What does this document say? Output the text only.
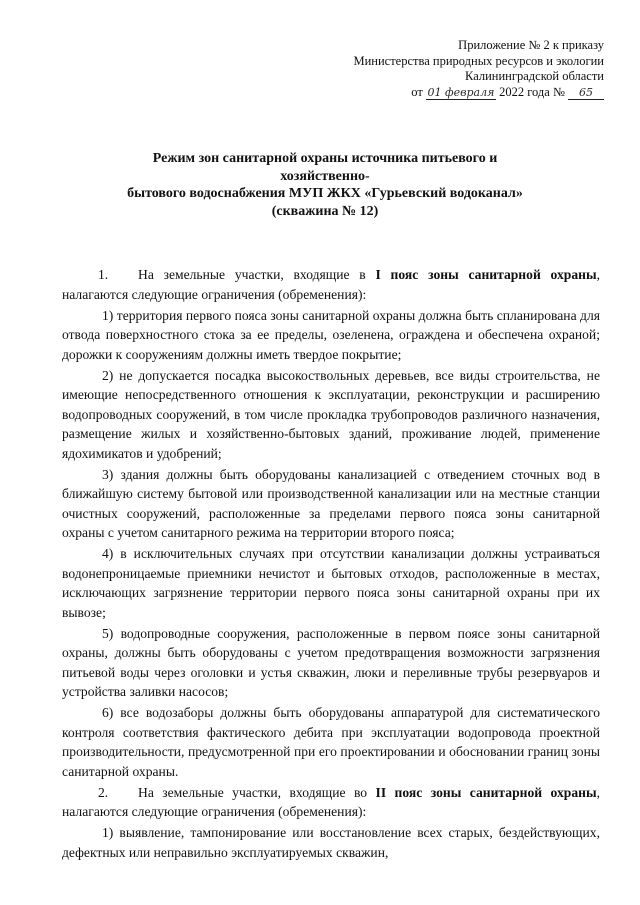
Приложение № 2 к приказу
Министерства природных ресурсов и экологии
Калининградской области
от 01 февраля 2022 года № 65
Режим зон санитарной охраны источника питьевого и хозяйственно-
бытового водоснабжения МУП ЖКХ «Гурьевский водоканал»
(скважина № 12)

1. На земельные участки, входящие в I пояс зоны санитарной охраны, налагаются следующие ограничения (обременения):

1) территория первого пояса зоны санитарной охраны должна быть спланирована для отвода поверхностного стока за ее пределы, озеленена, ограждена и обеспечена охраной; дорожки к сооружениям должны иметь твердое покрытие;

2) не допускается посадка высокоствольных деревьев, все виды строительства, не имеющие непосредственного отношения к эксплуатации, реконструкции и расширению водопроводных сооружений, в том числе прокладка трубопроводов различного назначения, размещение жилых и хозяйственно-бытовых зданий, проживание людей, применение ядохимикатов и удобрений;

3) здания должны быть оборудованы канализацией с отведением сточных вод в ближайшую систему бытовой или производственной канализации или на местные станции очистных сооружений, расположенные за пределами первого пояса зоны санитарной охраны с учетом санитарного режима на территории второго пояса;

4) в исключительных случаях при отсутствии канализации должны устраиваться водонепроницаемые приемники нечистот и бытовых отходов, расположенные в местах, исключающих загрязнение территории первого пояса зоны санитарной охраны при их вывозе;

5) водопроводные сооружения, расположенные в первом поясе зоны санитарной охраны, должны быть оборудованы с учетом предотвращения возможности загрязнения питьевой воды через оголовки и устья скважин, люки и переливные трубы резервуаров и устройства заливки насосов;

6) все водозаборы должны быть оборудованы аппаратурой для систематического контроля соответствия фактического дебита при эксплуатации водопровода проектной производительности, предусмотренной при его проектировании и обосновании границ зоны санитарной охраны.

2. На земельные участки, входящие во II пояс зоны санитарной охраны, налагаются следующие ограничения (обременения):

1) выявление, тампонирование или восстановление всех старых, бездействующих, дефектных или неправильно эксплуатируемых скважин,
